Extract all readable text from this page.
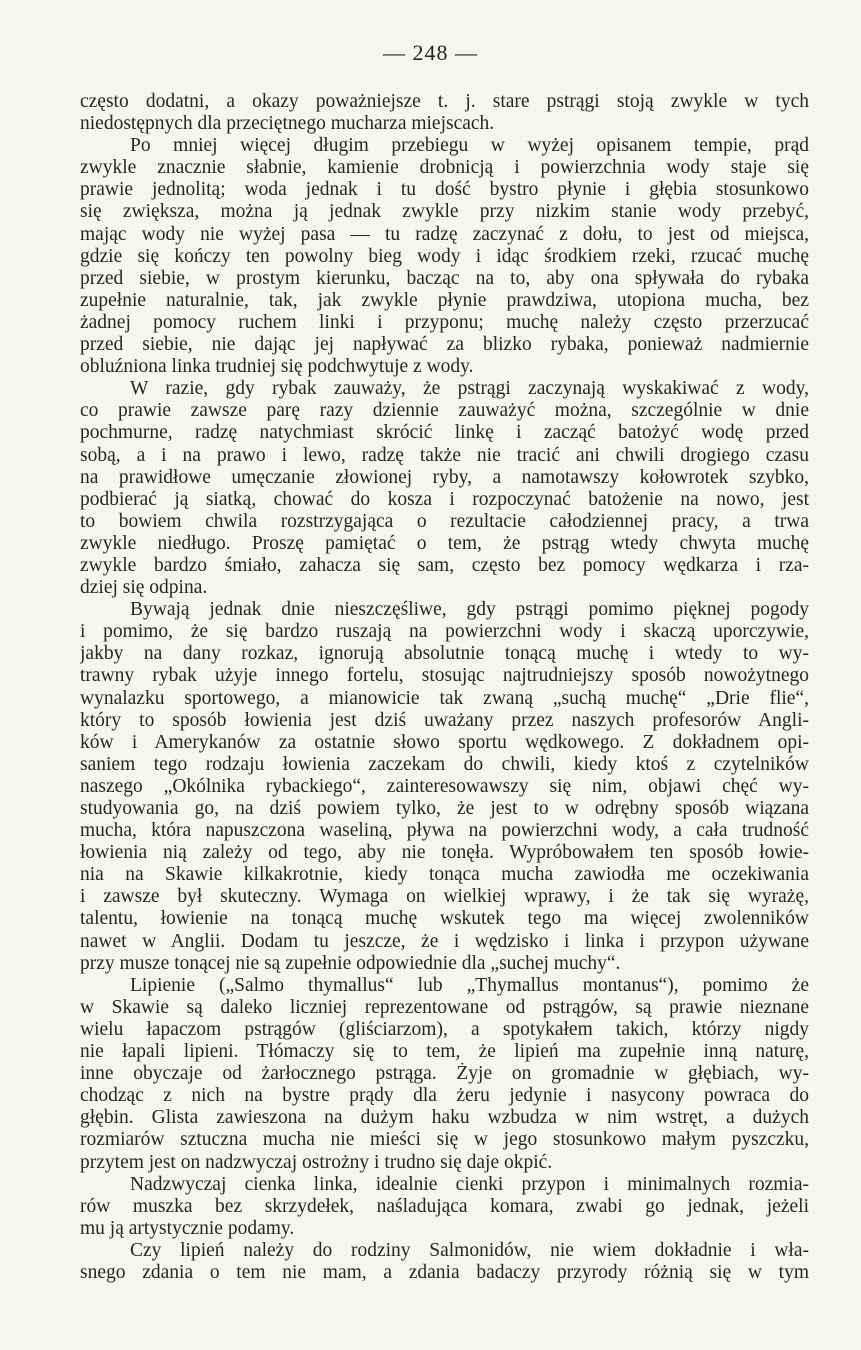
— 248 —
często dodatni, a okazy poważniejsze t. j. stare pstrągi stoją zwykle w tych
niedostępnych dla przeciętnego mucharza miejscach.
Po mniej więcej długim przebiegu w wyżej opisanem tempie, prąd
zwykle znacznie słabnie, kamienie drobnicją i powierzchnia wody staje się
prawie jednolitą; woda jednak i tu dość bystro płynie i głębia stosunkowo
się zwiększa, można ją jednak zwykle przy nizkim stanie wody przebyć,
mając wody nie wyżej pasa — tu radzę zaczynać z dołu, to jest od miejsca,
gdzie się kończy ten powolny bieg wody i idąc środkiem rzeki, rzucać muchę
przed siebie, w prostym kierunku, bacząc na to, aby ona spływała do rybaka
zupełnie naturalnie, tak, jak zwykle płynie prawdziwa, utopiona mucha, bez
żadnej pomocy ruchem linki i przyponu; muchę należy często przerzucać
przed siebie, nie dając jej napływać za blizko rybaka, ponieważ nadmiernie
obluźniona linka trudniej się podchwytuje z wody.
W razie, gdy rybak zauważy, że pstrągi zaczynają wyskakiwać z wody,
co prawie zawsze parę razy dziennie zauważyć można, szczególnie w dnie
pochmurne, radzę natychmiast skrócić linkę i zacząć batożyć wodę przed
sobą, a i na prawo i lewo, radzę także nie tracić ani chwili drogiego czasu
na prawidłowe umęczanie złowionej ryby, a namotawszy kołowrotek szybko,
podbierać ją siatką, chować do kosza i rozpoczynać batożenie na nowo, jest
to bowiem chwila rozstrzygająca o rezultacie całodziennej pracy, a trwa
zwykle niedługo. Proszę pamiętać o tem, że pstrąg wtedy chwyta muchę
zwykle bardzo śmiało, zahacza się sam, często bez pomocy wędkarza i rza-
dziej się odpina.
Bywają jednak dnie nieszczęśliwe, gdy pstrągi pomimo pięknej pogody
i pomimo, że się bardzo ruszają na powierzchni wody i skaczą uporczywie,
jakby na dany rozkaz, ignorują absolutnie tonącą muchę i wtedy to wy-
trawny rybak użyje innego fortelu, stosując najtrudniejszy sposób nowożytnego
wynalazku sportowego, a mianowicie tak zwaną „suchą muchę“ „Drie flie“,
który to sposób łowienia jest dziś uważany przez naszych profesorów Angli-
ków i Amerykanów za ostatnie słowo sportu wędkowego. Z dokładnem opi-
saniem tego rodzaju łowienia zaczekam do chwili, kiedy ktoś z czytelników
naszego „Okólnika rybackiego“, zainteresowawszy się nim, objawi chęć wy-
studyowania go, na dziś powiem tylko, że jest to w odrębny sposób wiązana
mucha, która napuszczona waseliną, pływa na powierzchni wody, a cała trudność
łowienia nią zależy od tego, aby nie tonęła. Wypróbowałem ten sposób łowie-
nia na Skawie kilkakrotnie, kiedy tonąca mucha zawiodła me oczekiwania
i zawsze był skuteczny. Wymaga on wielkiej wprawy, i że tak się wyrażę,
talentu, łowienie na tonącą muchę wskutek tego ma więcej zwolenników
nawet w Anglii. Dodam tu jeszcze, że i wędzisko i linka i przypon używane
przy musze tonącej nie są zupełnie odpowiednie dla „suchej muchy“.
Lipienie („Salmo thymallus“ lub „Thymallus montanus“), pomimo że
w Skawie są daleko liczniej reprezentowane od pstrągów, są prawie nieznane
wielu łapaczom pstrągów (gliściarzom), a spotykałem takich, którzy nigdy
nie łapali lipieni. Tłómaczy się to tem, że lipień ma zupełnie inną naturę,
inne obyczaje od żarłocznego pstrąga. Żyje on gromadnie w głębiach, wy-
chodząc z nich na bystre prądy dla żeru jedynie i nasycony powraca do
głębin. Glista zawieszona na dużym haku wzbudza w nim wstręt, a dużych
rozmiarów sztuczna mucha nie mieści się w jego stosunkowo małym pyszczku,
przytem jest on nadzwyczaj ostrożny i trudno się daje okpić.
Nadzwyczaj cienka linka, idealnie cienki przypon i minimalnych rozmia-
rów muszka bez skrzydełek, naśladująca komara, zwabi go jednak, jeżeli
mu ją artystycznie podamy.
Czy lipień należy do rodziny Salmonidów, nie wiem dokładnie i wła-
snego zdania o tem nie mam, a zdania badaczy przyrody różnią się w tym
